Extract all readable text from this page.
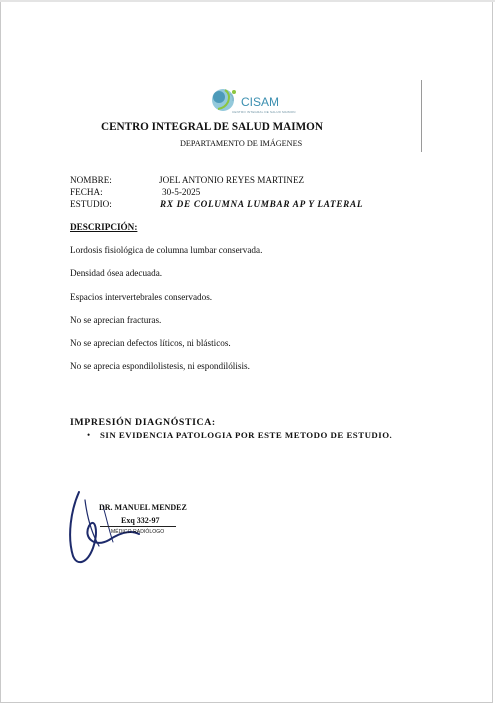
CISAM
CENTRO INTEGRAL DE SALUD MAIMON
CENTRO INTEGRAL DE SALUD MAIMON
DEPARTAMENTO DE IMÁGENES
NOMBRE:	JOEL ANTONIO REYES MARTINEZ
FECHA:	30-5-2025
ESTUDIO:	RX DE COLUMNA LUMBAR AP Y LATERAL
DESCRIPCIÓN:
Lordosis fisiológica de columna lumbar conservada.
Densidad ósea adecuada.
Espacios intervertebrales conservados.
No se aprecian fracturas.
No se aprecian defectos líticos, ni blásticos.
No se aprecia espondilolistesis, ni espondilólisis.
IMPRESIÓN DIAGNÓSTICA:
• SIN EVIDENCIA PATOLOGIA POR ESTE METODO DE ESTUDIO.
DR. MANUEL MENDEZ
Exq 332-97
MÉDICO RADIÓLOGO
